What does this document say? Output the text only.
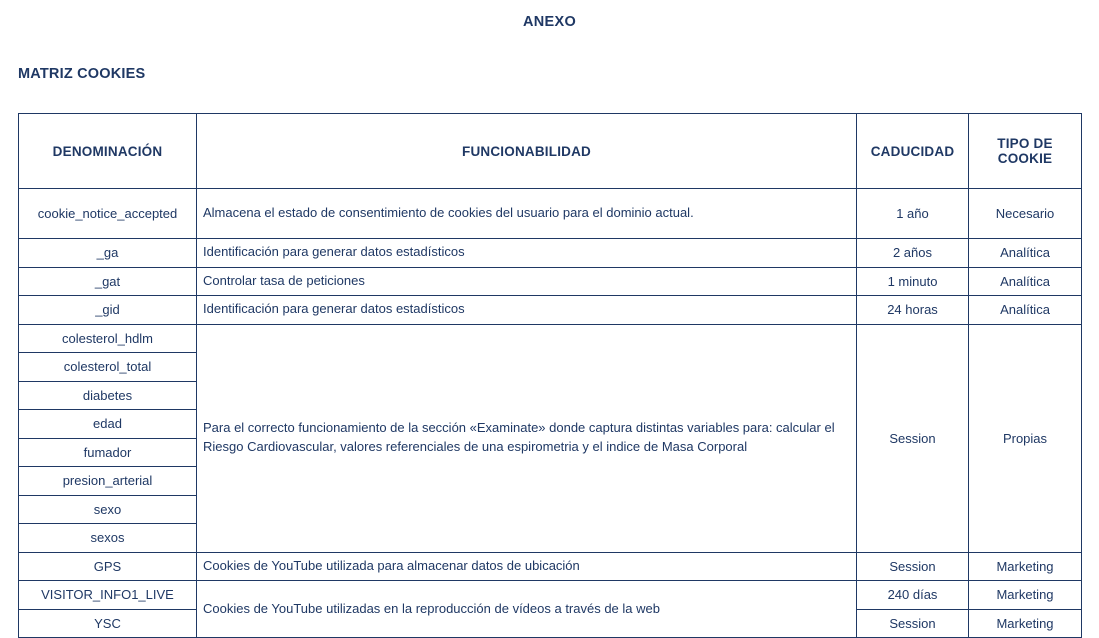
ANEXO
MATRIZ COOKIES
DENOMINACIÓN	FUNCIONABILIDAD	CADUCIDAD	TIPO DE COOKIE
cookie_notice_accepted	Almacena el estado de consentimiento de cookies del usuario para el dominio actual.	1 año	Necesario
_ga	Identificación para generar datos estadísticos	2 años	Analítica
_gat	Controlar tasa de peticiones	1 minuto	Analítica
_gid	Identificación para generar datos estadísticos	24 horas	Analítica
colesterol_hdlm	Para el correcto funcionamiento de la sección «Examinate» donde captura distintas variables para: calcular el Riesgo Cardiovascular, valores referenciales de una espirometria y el indice de Masa Corporal	Session	Propias
colesterol_total			
diabetes			
edad			
fumador			
presion_arterial			
sexo			
sexos			
GPS	Cookies de YouTube utilizada para almacenar datos de ubicación	Session	Marketing
VISITOR_INFO1_LIVE	Cookies de YouTube utilizadas en la reproducción de vídeos a través de la web	240 días	Marketing
YSC		Session	Marketing
